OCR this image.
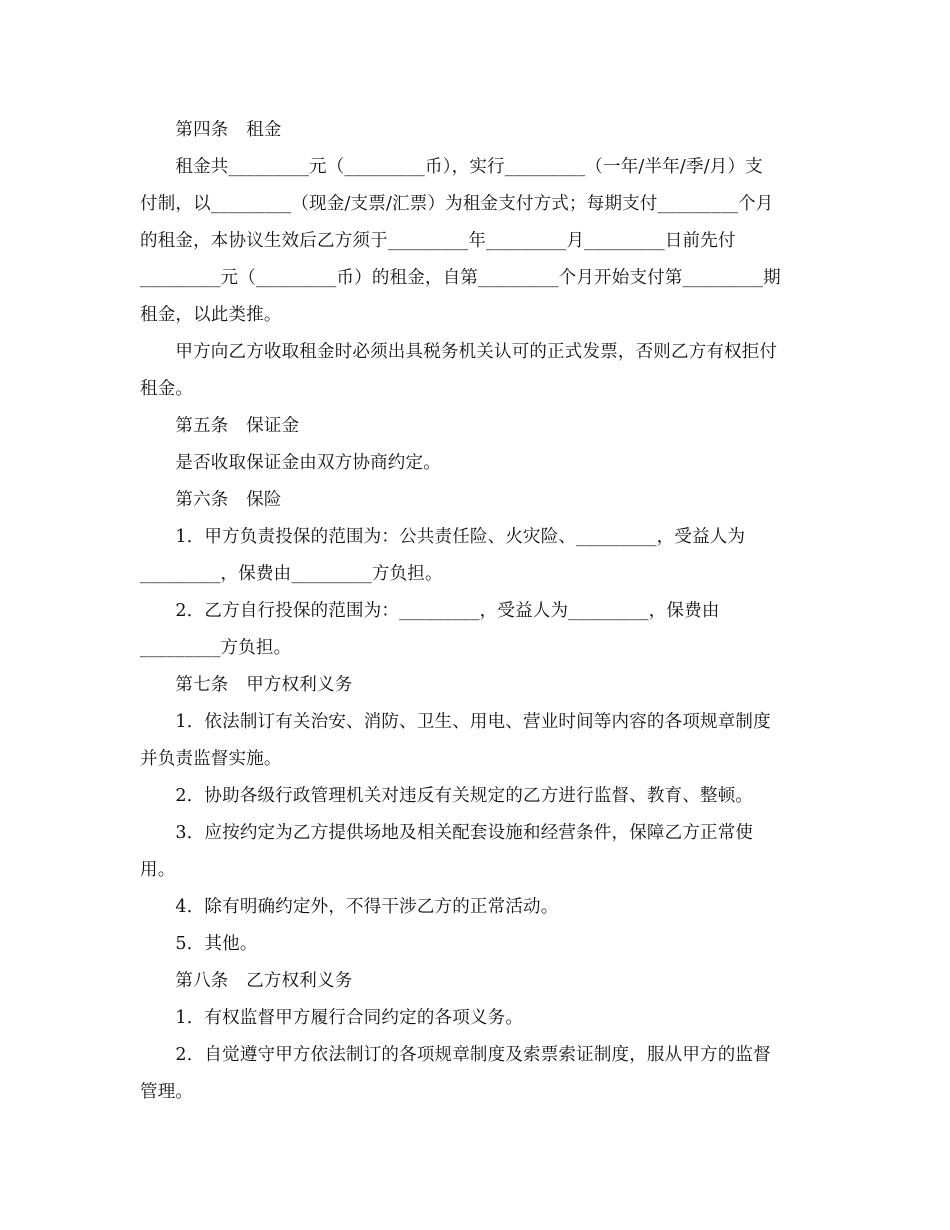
　　第四条　租金
　　租金共_________元（_________币），实行_________（一年/半年/季/月）支
付制，以_________（现金/支票/汇票）为租金支付方式；每期支付_________个月
的租金，本协议生效后乙方须于_________年_________月_________日前先付
_________元（_________币）的租金，自第_________个月开始支付第_________期
租金，以此类推。
　　甲方向乙方收取租金时必须出具税务机关认可的正式发票，否则乙方有权拒付
租金。
　　第五条　保证金
　　是否收取保证金由双方协商约定。
　　第六条　保险
　　1．甲方负责投保的范围为：公共责任险、火灾险、_________，受益人为
_________，保费由_________方负担。
　　2．乙方自行投保的范围为：_________，受益人为_________，保费由
_________方负担。
　　第七条　甲方权利义务
　　1．依法制订有关治安、消防、卫生、用电、营业时间等内容的各项规章制度
并负责监督实施。
　　2．协助各级行政管理机关对违反有关规定的乙方进行监督、教育、整顿。
　　3．应按约定为乙方提供场地及相关配套设施和经营条件，保障乙方正常使
用。
　　4．除有明确约定外，不得干涉乙方的正常活动。
　　5．其他。
　　第八条　乙方权利义务
　　1．有权监督甲方履行合同约定的各项义务。
　　2．自觉遵守甲方依法制订的各项规章制度及索票索证制度，服从甲方的监督
管理。
